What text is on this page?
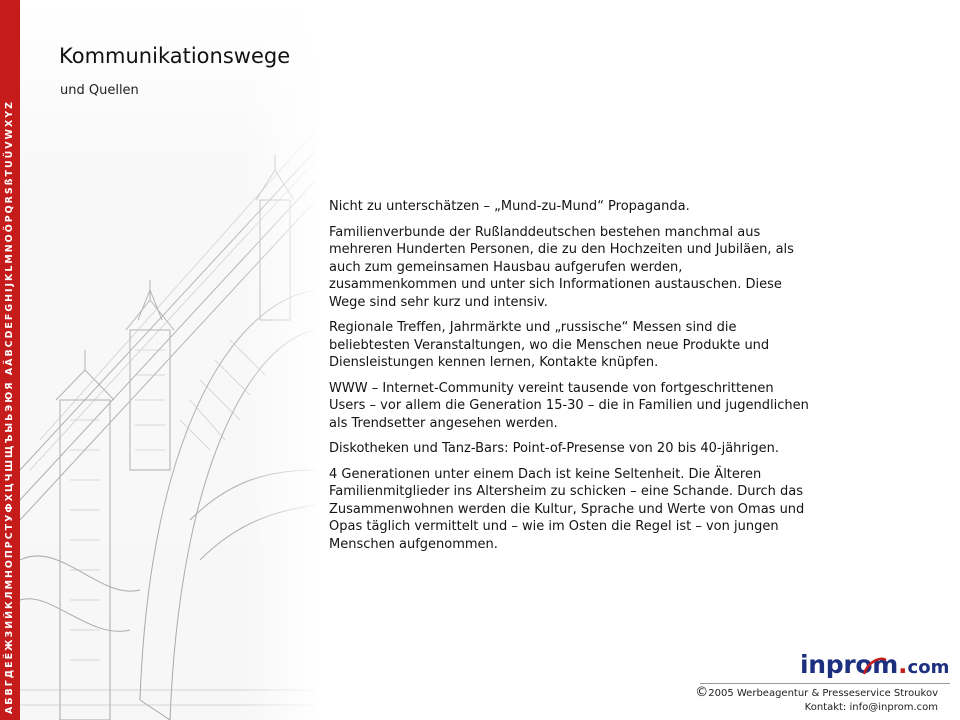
АБВГДЕЁЖЗИЙКЛМНОПРСТУФХЦЧШЩЪЫЬЭЮЯ AÄBCDEFGHIJKLMNOÖPQRSßTUÜVWXYZ
Kommunikationswege

und Quellen

Nicht zu unterschätzen – „Mund-zu-Mund“ Propaganda.

Familienverbunde der Rußlanddeutschen bestehen manchmal aus mehreren Hunderten Personen, die zu den Hochzeiten und Jubiläen, als auch zum gemeinsamen Hausbau aufgerufen werden, zusammenkommen und unter sich Informationen austauschen. Diese Wege sind sehr kurz und intensiv.

Regionale Treffen, Jahrmärkte und „russische“ Messen sind die beliebtesten Veranstaltungen, wo die Menschen neue Produkte und Diensleistungen kennen lernen, Kontakte knüpfen.

WWW – Internet-Community vereint tausende von fortgeschrittenen Users – vor allem die Generation 15-30 – die in Familien und jugendlichen als Trendsetter angesehen werden.

Diskotheken und Tanz-Bars: Point-of-Presense von 20 bis 40-jährigen.

4 Generationen unter einem Dach ist keine Seltenheit. Die Älteren Familienmitglieder ins Altersheim zu schicken – eine Schande. Durch das Zusammenwohnen werden die Kultur, Sprache und Werte von Omas und Opas täglich vermittelt und – wie im Osten die Regel ist – von jungen Menschen aufgenommen.

inprom.com
©2005 Werbeagentur & Presseservice Stroukov
Kontakt: info@inprom.com
